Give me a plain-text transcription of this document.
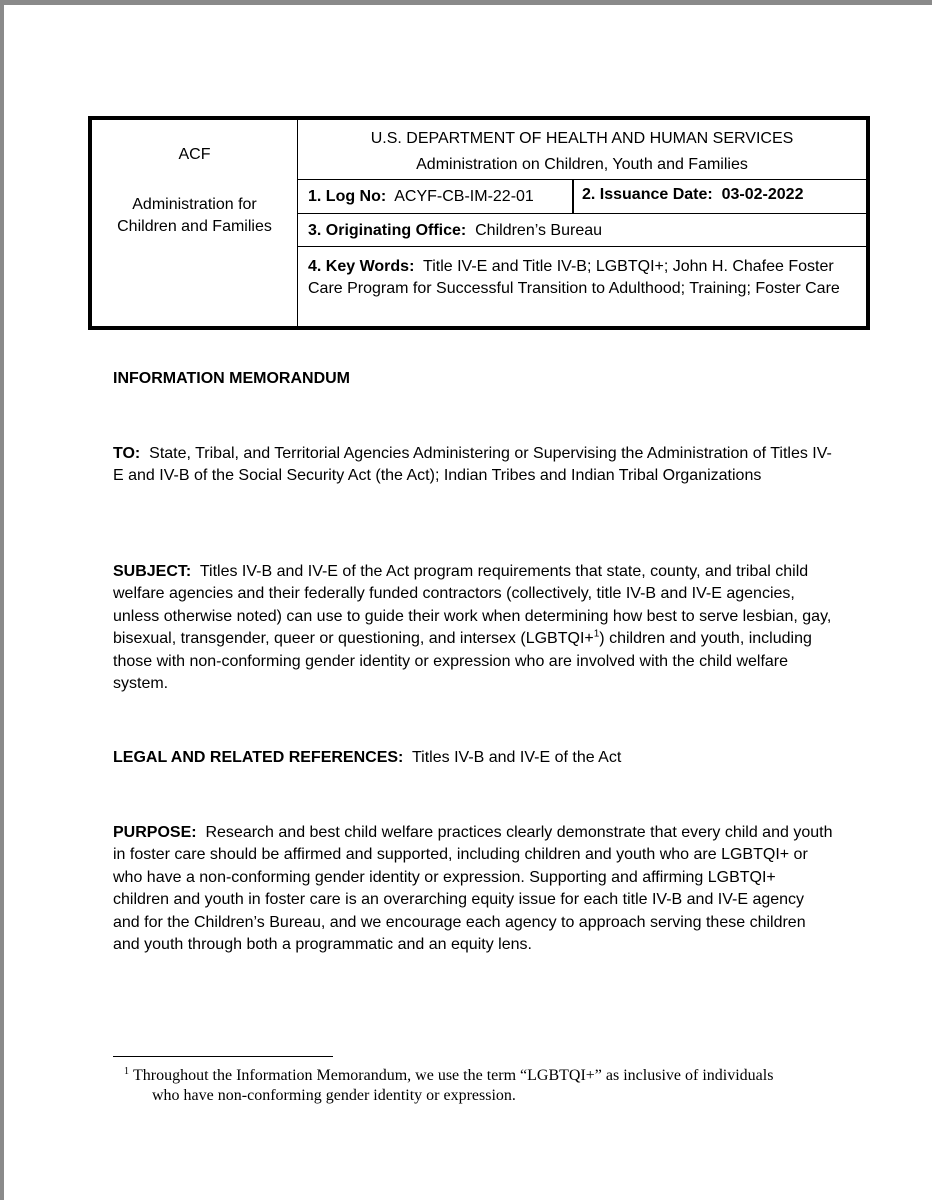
ACF
Administration for
Children and Families
U.S. DEPARTMENT OF HEALTH AND HUMAN SERVICES
Administration on Children, Youth and Families
1. Log No: ACYF-CB-IM-22-01	2. Issuance Date: 03-02-2022
3. Originating Office: Children’s Bureau
4. Key Words: Title IV-E and Title IV-B; LGBTQI+; John H. Chafee Foster Care Program for Successful Transition to Adulthood; Training; Foster Care
INFORMATION MEMORANDUM
TO: State, Tribal, and Territorial Agencies Administering or Supervising the Administration of Titles IV-E and IV-B of the Social Security Act (the Act); Indian Tribes and Indian Tribal Organizations
SUBJECT: Titles IV-B and IV-E of the Act program requirements that state, county, and tribal child welfare agencies and their federally funded contractors (collectively, title IV-B and IV-E agencies, unless otherwise noted) can use to guide their work when determining how best to serve lesbian, gay, bisexual, transgender, queer or questioning, and intersex (LGBTQI+$^1$) children and youth, including those with non-conforming gender identity or expression who are involved with the child welfare system.
LEGAL AND RELATED REFERENCES: Titles IV-B and IV-E of the Act
PURPOSE: Research and best child welfare practices clearly demonstrate that every child and youth in foster care should be affirmed and supported, including children and youth who are LGBTQI+ or who have a non-conforming gender identity or expression. Supporting and affirming LGBTQI+ children and youth in foster care is an overarching equity issue for each title IV-B and IV-E agency and for the Children’s Bureau, and we encourage each agency to approach serving these children and youth through both a programmatic and an equity lens.
$^1$ Throughout the Information Memorandum, we use the term “LGBTQI+” as inclusive of individuals
who have non-conforming gender identity or expression.
